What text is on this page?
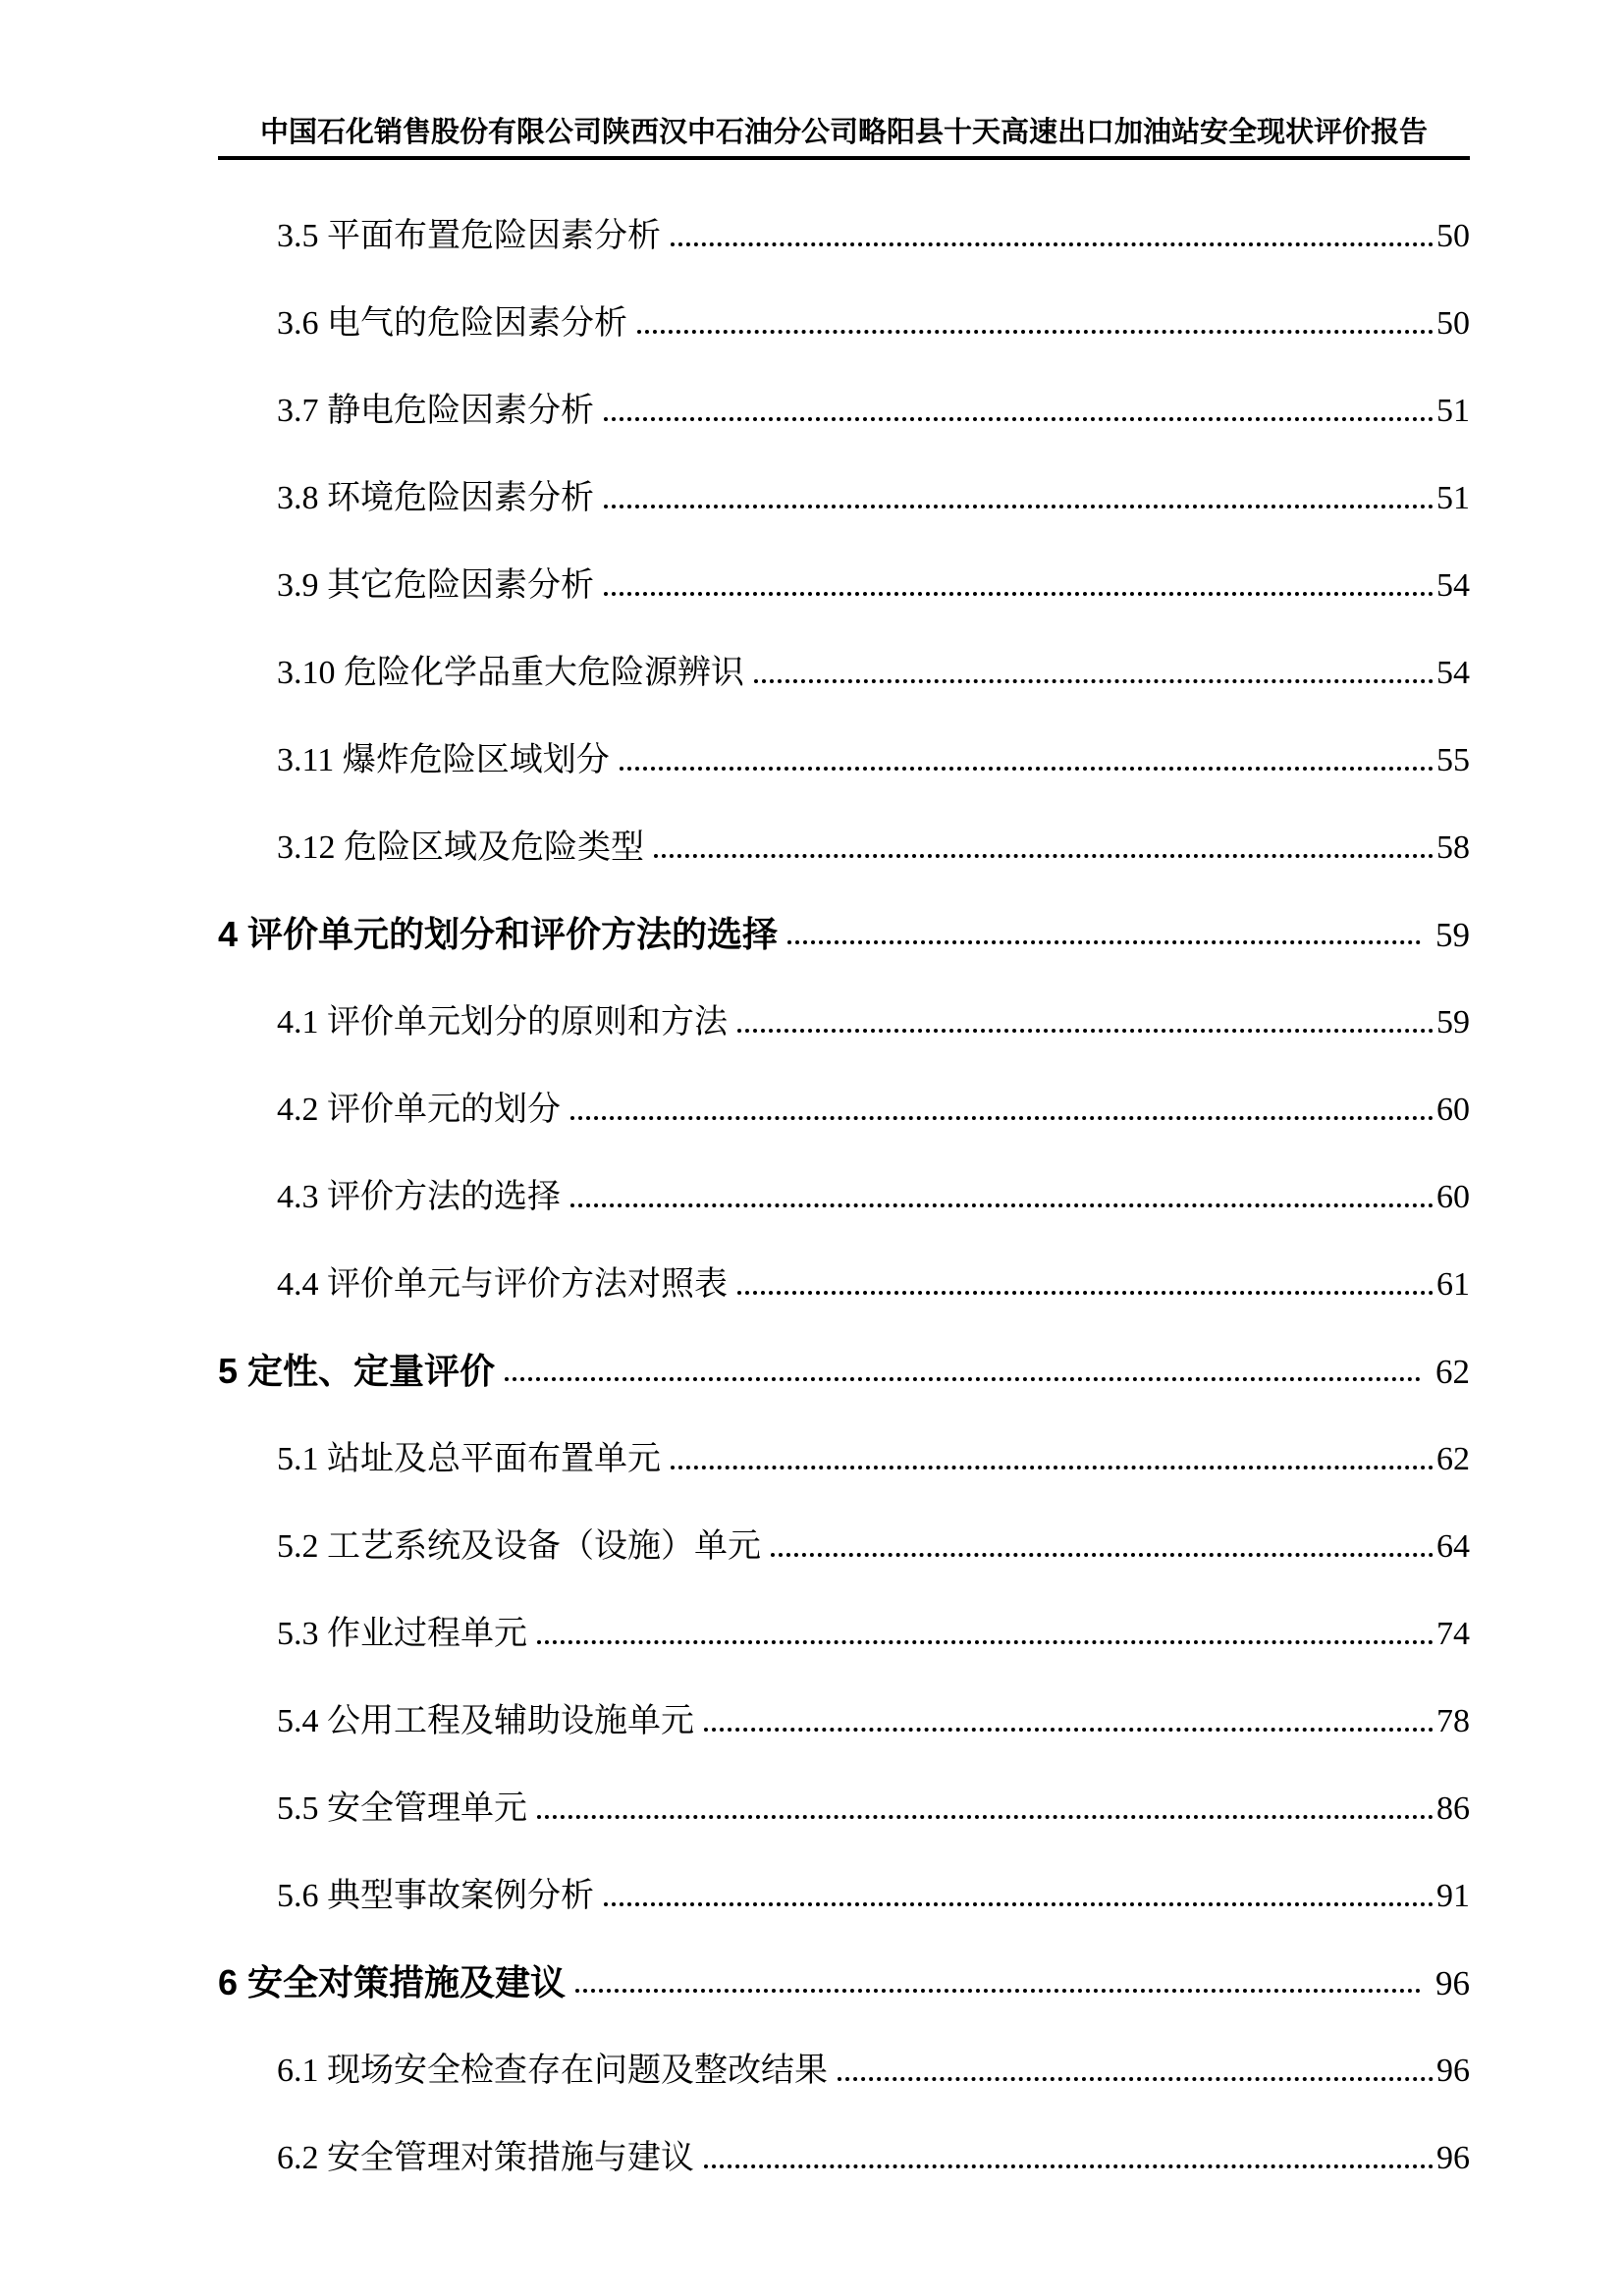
中国石化销售股份有限公司陕西汉中石油分公司略阳县十天高速出口加油站安全现状评价报告
3.5 平面布置危险因素分析	50
3.6 电气的危险因素分析	50
3.7 静电危险因素分析	51
3.8 环境危险因素分析	51
3.9 其它危险因素分析	54
3.10 危险化学品重大危险源辨识	54
3.11 爆炸危险区域划分	55
3.12 危险区域及危险类型	58
4 评价单元的划分和评价方法的选择	59
4.1 评价单元划分的原则和方法	59
4.2 评价单元的划分	60
4.3 评价方法的选择	60
4.4 评价单元与评价方法对照表	61
5 定性、定量评价	62
5.1 站址及总平面布置单元	62
5.2 工艺系统及设备（设施）单元	64
5.3 作业过程单元	74
5.4 公用工程及辅助设施单元	78
5.5 安全管理单元	86
5.6 典型事故案例分析	91
6 安全对策措施及建议	96
6.1 现场安全检查存在问题及整改结果	96
6.2 安全管理对策措施与建议	96
